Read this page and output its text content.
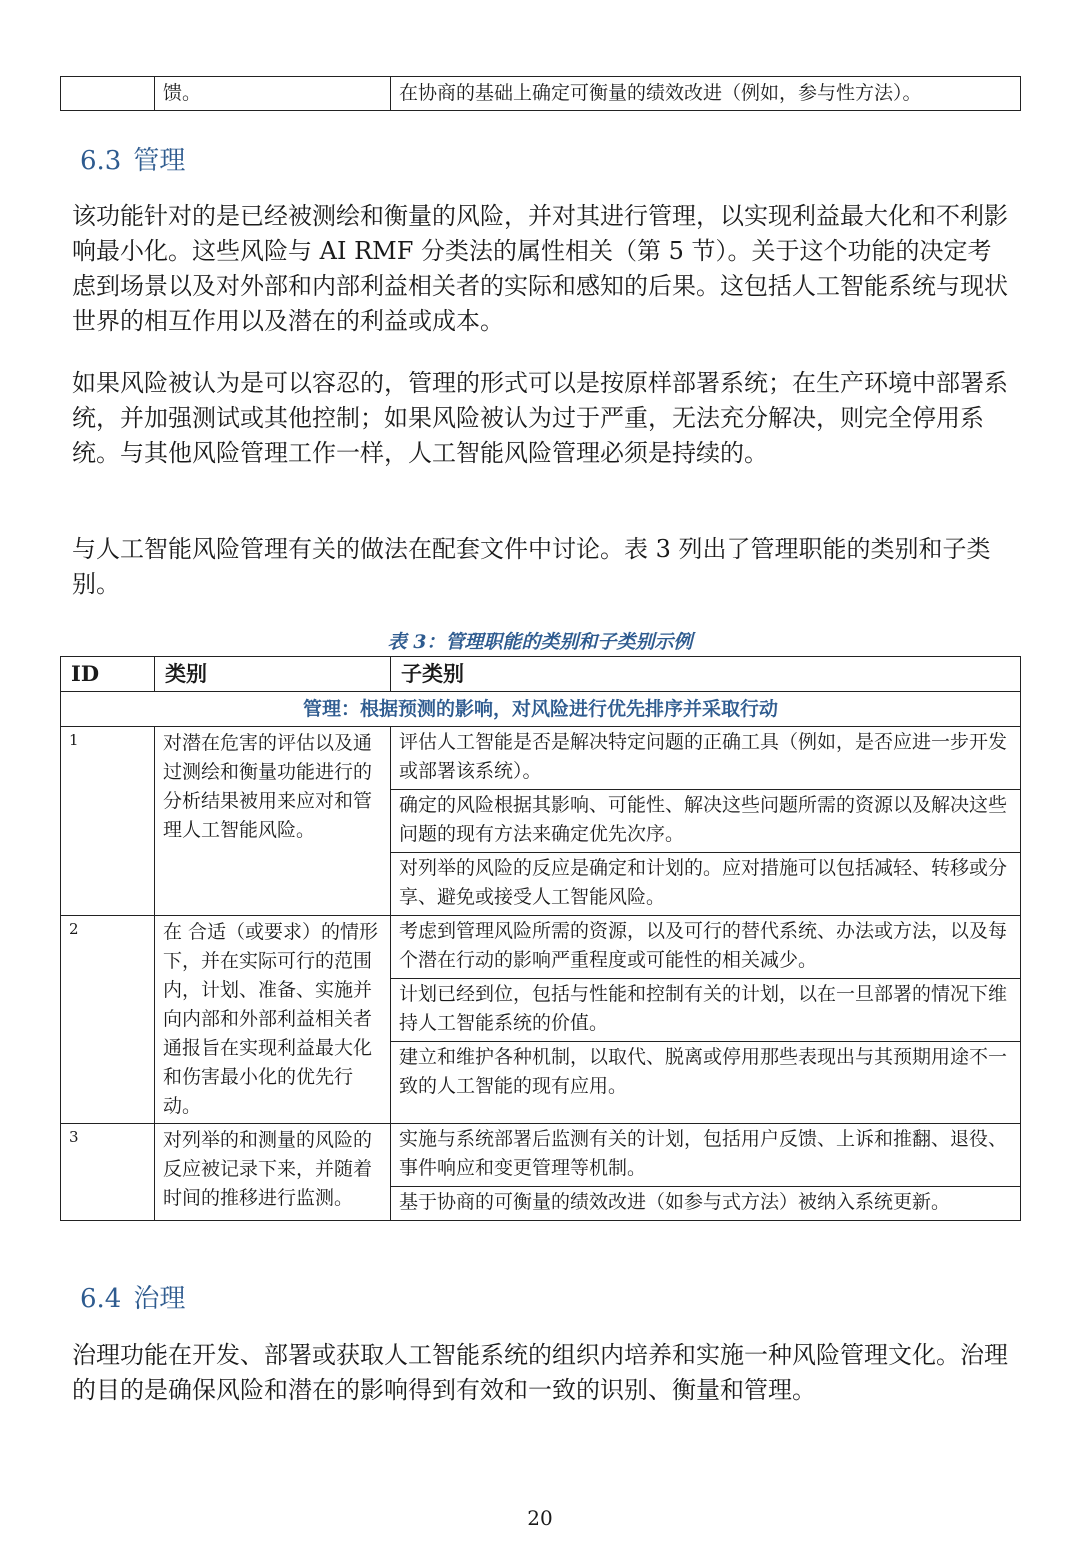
	馈。	在协商的基础上确定可衡量的绩效改进（例如，参与性方法）。
6.3 管理

该功能针对的是已经被测绘和衡量的风险，并对其进行管理，以实现利益最大化和不利影响最小化。这些风险与 AI RMF 分类法的属性相关（第 5 节）。关于这个功能的决定考虑到场景以及对外部和内部利益相关者的实际和感知的后果。这包括人工智能系统与现状世界的相互作用以及潜在的利益或成本。

如果风险被认为是可以容忍的，管理的形式可以是按原样部署系统；在生产环境中部署系统，并加强测试或其他控制；如果风险被认为过于严重，无法充分解决，则完全停用系统。与其他风险管理工作一样，人工智能风险管理必须是持续的。

与人工智能风险管理有关的做法在配套文件中讨论。表 3 列出了管理职能的类别和子类别。

表 3：管理职能的类别和子类别示例

ID	类别	子类别
管理：根据预测的影响，对风险进行优先排序并采取行动		
1	对潜在危害的评估以及通过测绘和衡量功能进行的分析结果被用来应对和管理人工智能风险。	评估人工智能是否是解决特定问题的正确工具（例如，是否应进一步开发或部署该系统）。
确定的风险根据其影响、可能性、解决这些问题所需的资源以及解决这些问题的现有方法来确定优先次序。
对列举的风险的反应是确定和计划的。应对措施可以包括减轻、转移或分享、避免或接受人工智能风险。

2	在 合适（或要求）的情形下，并在实际可行的范围内，计划、准备、实施并向内部和外部利益相关者通报旨在实现利益最大化和伤害最小化的优先行动。	考虑到管理风险所需的资源，以及可行的替代系统、办法或方法，以及每个潜在行动的影响严重程度或可能性的相关减少。
计划已经到位，包括与性能和控制有关的计划，以在一旦部署的情况下维持人工智能系统的价值。
建立和维护各种机制，以取代、脱离或停用那些表现出与其预期用途不一致的人工智能的现有应用。

3	对列举的和测量的风险的反应被记录下来，并随着时间的推移进行监测。	实施与系统部署后监测有关的计划，包括用户反馈、上诉和推翻、退役、事件响应和变更管理等机制。
基于协商的可衡量的绩效改进（如参与式方法）被纳入系统更新。
6.4 治理

治理功能在开发、部署或获取人工智能系统的组织内培养和实施一种风险管理文化。治理的目的是确保风险和潜在的影响得到有效和一致的识别、衡量和管理。

20
